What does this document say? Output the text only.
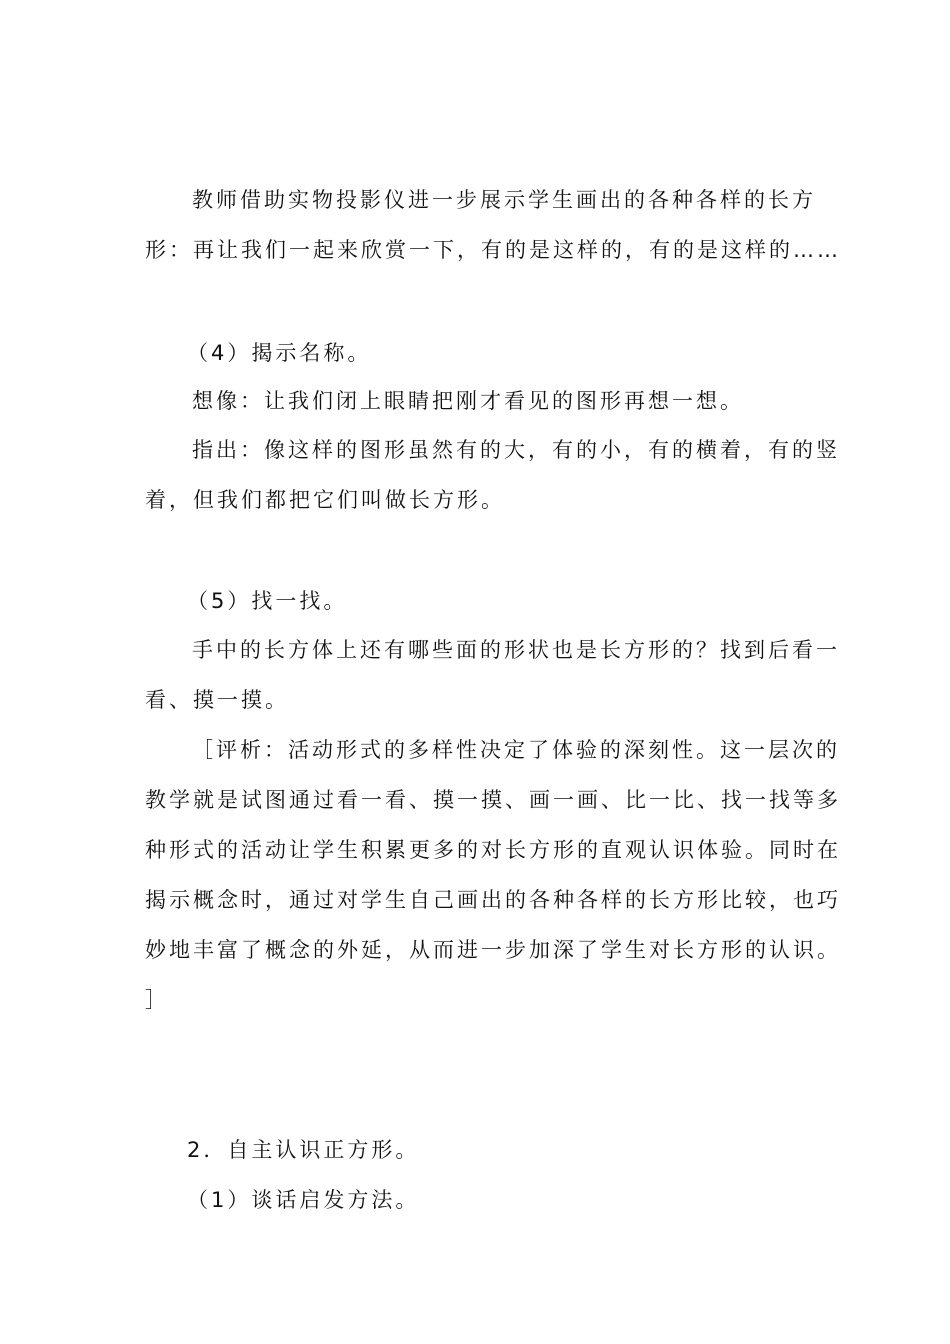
教师借助实物投影仪进一步展示学生画出的各种各样的长方
形：再让我们一起来欣赏一下，有的是这样的，有的是这样的……
（4）揭示名称。
想像：让我们闭上眼睛把刚才看见的图形再想一想。
指出：像这样的图形虽然有的大，有的小，有的横着，有的竖
着，但我们都把它们叫做长方形。
（5）找一找。
手中的长方体上还有哪些面的形状也是长方形的？找到后看一
看、摸一摸。
［评析：活动形式的多样性决定了体验的深刻性。这一层次的
教学就是试图通过看一看、摸一摸、画一画、比一比、找一找等多
种形式的活动让学生积累更多的对长方形的直观认识体验。同时在
揭示概念时，通过对学生自己画出的各种各样的长方形比较，也巧
妙地丰富了概念的外延，从而进一步加深了学生对长方形的认识。
］
2．自主认识正方形。
（1）谈话启发方法。
